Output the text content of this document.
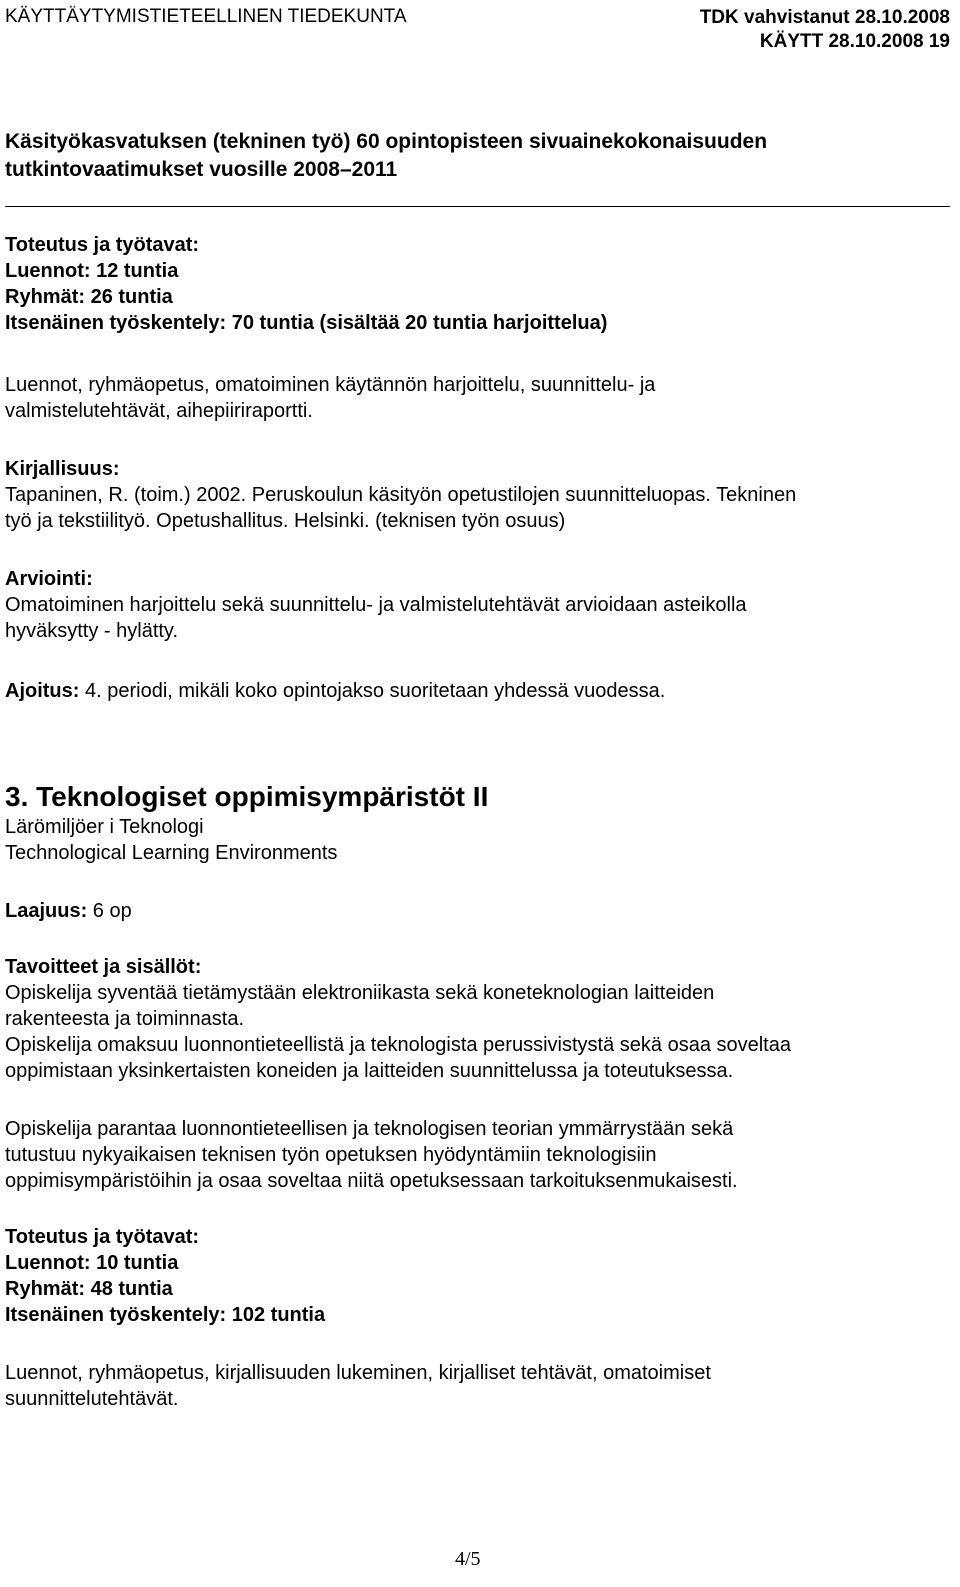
KÄYTTÄYTYMISTIETEELLINEN TIEDEKUNTA	TDK vahvistanut 28.10.2008
KÄYTT 28.10.2008 19
Käsityökasvatuksen (tekninen työ) 60 opintopisteen sivuainekokonaisuuden
tutkintovaatimukset vuosille 2008–2011

Toteutus ja työtavat:

Luennot: 12 tuntia

Ryhmät: 26 tuntia

Itsenäinen työskentely: 70 tuntia (sisältää 20 tuntia harjoittelua)

Luennot, ryhmäopetus, omatoiminen käytännön harjoittelu, suunnittelu- ja

valmistelutehtävät, aihepiiriraportti.

Kirjallisuus:

Tapaninen, R. (toim.) 2002. Peruskoulun käsityön opetustilojen suunnitteluopas. Tekninen

työ ja tekstiilityö. Opetushallitus. Helsinki. (teknisen työn osuus)

Arviointi:

Omatoiminen harjoittelu sekä suunnittelu- ja valmistelutehtävät arvioidaan asteikolla

hyväksytty - hylätty.

Ajoitus: 4. periodi, mikäli koko opintojakso suoritetaan yhdessä vuodessa.

3. Teknologiset oppimisympäristöt II

Lärömiljöer i Teknologi

Technological Learning Environments

Laajuus: 6 op

Tavoitteet ja sisällöt:

Opiskelija syventää tietämystään elektroniikasta sekä koneteknologian laitteiden

rakenteesta ja toiminnasta.

Opiskelija omaksuu luonnontieteellistä ja teknologista perussivistystä sekä osaa soveltaa

oppimistaan yksinkertaisten koneiden ja laitteiden suunnittelussa ja toteutuksessa.

Opiskelija parantaa luonnontieteellisen ja teknologisen teorian ymmärrystään sekä

tutustuu nykyaikaisen teknisen työn opetuksen hyödyntämiin teknologisiin

oppimisympäristöihin ja osaa soveltaa niitä opetuksessaan tarkoituksenmukaisesti.

Toteutus ja työtavat:

Luennot: 10 tuntia

Ryhmät: 48 tuntia

Itsenäinen työskentely: 102 tuntia

Luennot, ryhmäopetus, kirjallisuuden lukeminen, kirjalliset tehtävät, omatoimiset

suunnittelutehtävät.

4/5
